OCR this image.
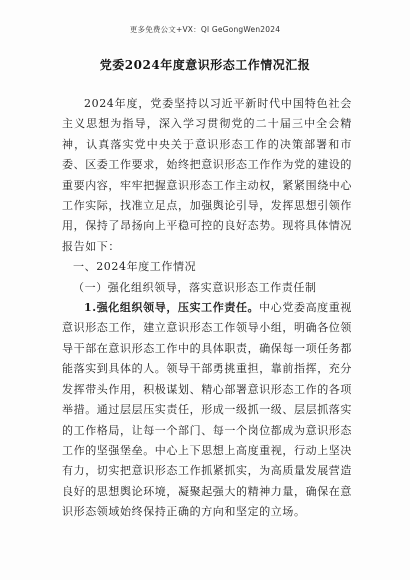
更多免费公文+VX：Ql GeGongWen2024
党委2024年度意识形态工作情况汇报

2024年度，党委坚持以习近平新时代中国特色社会主义思想为指导，深入学习贯彻党的二十届三中全会精神，认真落实党中央关于意识形态工作的决策部署和市委、区委工作要求，始终把意识形态工作作为党的建设的重要内容，牢牢把握意识形态工作主动权，紧紧围绕中心工作实际，找准立足点，加强舆论引导，发挥思想引领作用，保持了昂扬向上平稳可控的良好态势。现将具体情况报告如下：

一、2024年度工作情况

（一）强化组织领导，落实意识形态工作责任制

1.强化组织领导，压实工作责任。中心党委高度重视意识形态工作，建立意识形态工作领导小组，明确各位领导干部在意识形态工作中的具体职责，确保每一项任务都能落实到具体的人。领导干部勇挑重担，靠前指挥，充分发挥带头作用，积极谋划、精心部署意识形态工作的各项举措。通过层层压实责任，形成一级抓一级、层层抓落实的工作格局，让每一个部门、每一个岗位都成为意识形态工作的坚强堡垒。中心上下思想上高度重视，行动上坚决有力，切实把意识形态工作抓紧抓实，为高质量发展营造良好的思想舆论环境，凝聚起强大的精神力量，确保在意识形态领域始终保持正确的方向和坚定的立场。
